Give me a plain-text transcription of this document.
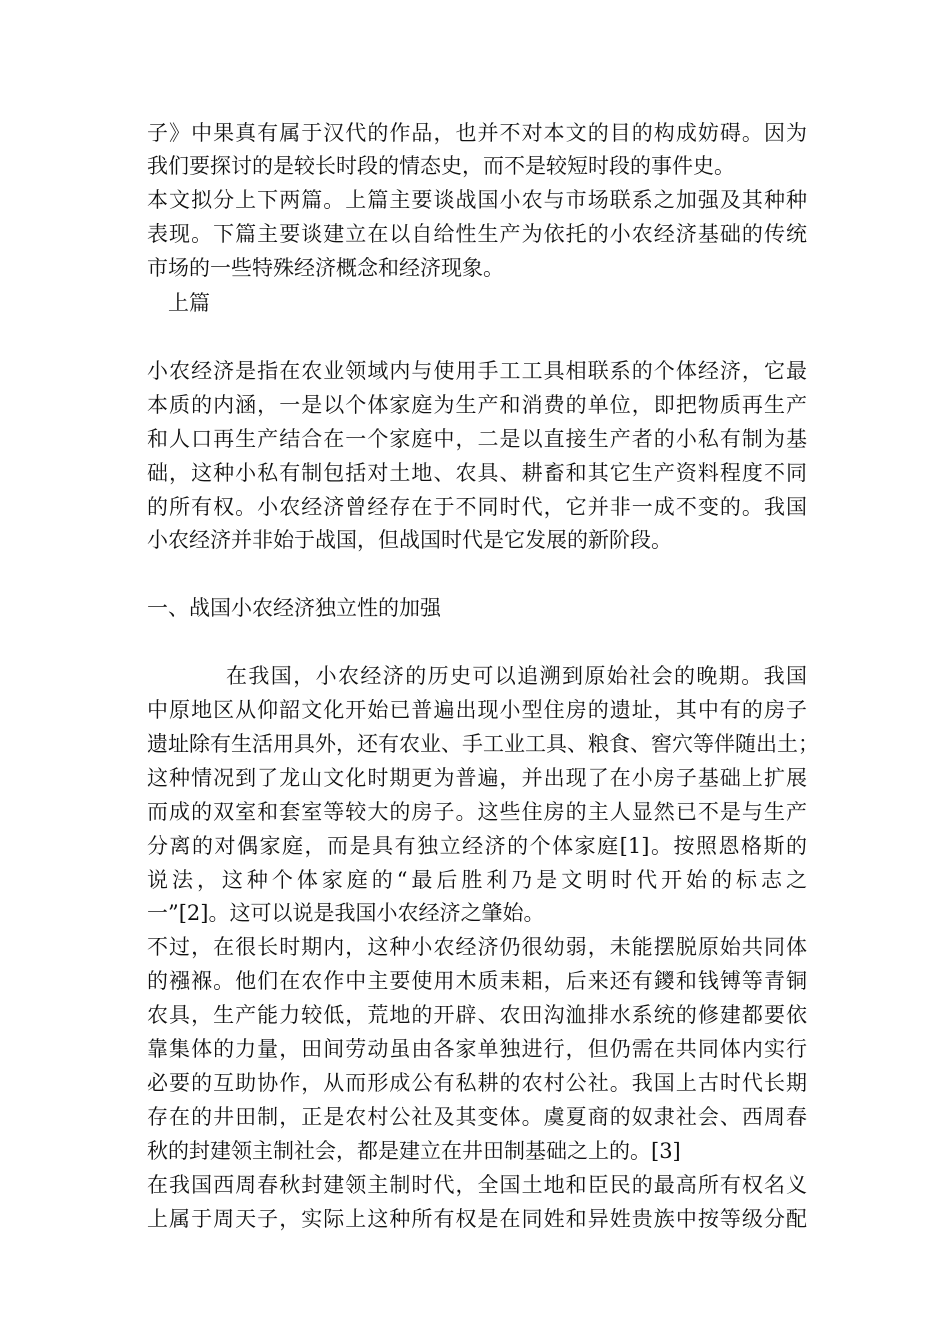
子》中果真有属于汉代的作品，也并不对本文的目的构成妨碍。因为
我们要探讨的是较长时段的情态史，而不是较短时段的事件史。
本文拟分上下两篇。上篇主要谈战国小农与市场联系之加强及其种种
表现。下篇主要谈建立在以自给性生产为依托的小农经济基础的传统
市场的一些特殊经济概念和经济现象。
上篇
小农经济是指在农业领域内与使用手工工具相联系的个体经济，它最
本质的内涵，一是以个体家庭为生产和消费的单位，即把物质再生产
和人口再生产结合在一个家庭中，二是以直接生产者的小私有制为基
础，这种小私有制包括对土地、农具、耕畜和其它生产资料程度不同
的所有权。小农经济曾经存在于不同时代，它并非一成不变的。我国
小农经济并非始于战国，但战国时代是它发展的新阶段。
一、战国小农经济独立性的加强
在我国，小农经济的历史可以追溯到原始社会的晚期。我国
中原地区从仰韶文化开始已普遍出现小型住房的遗址，其中有的房子
遗址除有生活用具外，还有农业、手工业工具、粮食、窖穴等伴随出土；
这种情况到了龙山文化时期更为普遍，并出现了在小房子基础上扩展
而成的双室和套室等较大的房子。这些住房的主人显然已不是与生产
分离的对偶家庭，而是具有独立经济的个体家庭[1]。按照恩格斯的
说法，这种个体家庭的“最后胜利乃是文明时代开始的标志之
一”[2]。这可以说是我国小农经济之肇始。
不过，在很长时期内，这种小农经济仍很幼弱，未能摆脱原始共同体
的襁褓。他们在农作中主要使用木质耒耜，后来还有鑁和钱镈等青铜
农具，生产能力较低，荒地的开辟、农田沟洫排水系统的修建都要依
靠集体的力量，田间劳动虽由各家单独进行，但仍需在共同体内实行
必要的互助协作，从而形成公有私耕的农村公社。我国上古时代长期
存在的井田制，正是农村公社及其变体。虞夏商的奴隶社会、西周春
秋的封建领主制社会，都是建立在井田制基础之上的。[3]
在我国西周春秋封建领主制时代，全国土地和臣民的最高所有权名义
上属于周天子，实际上这种所有权是在同姓和异姓贵族中按等级分配
